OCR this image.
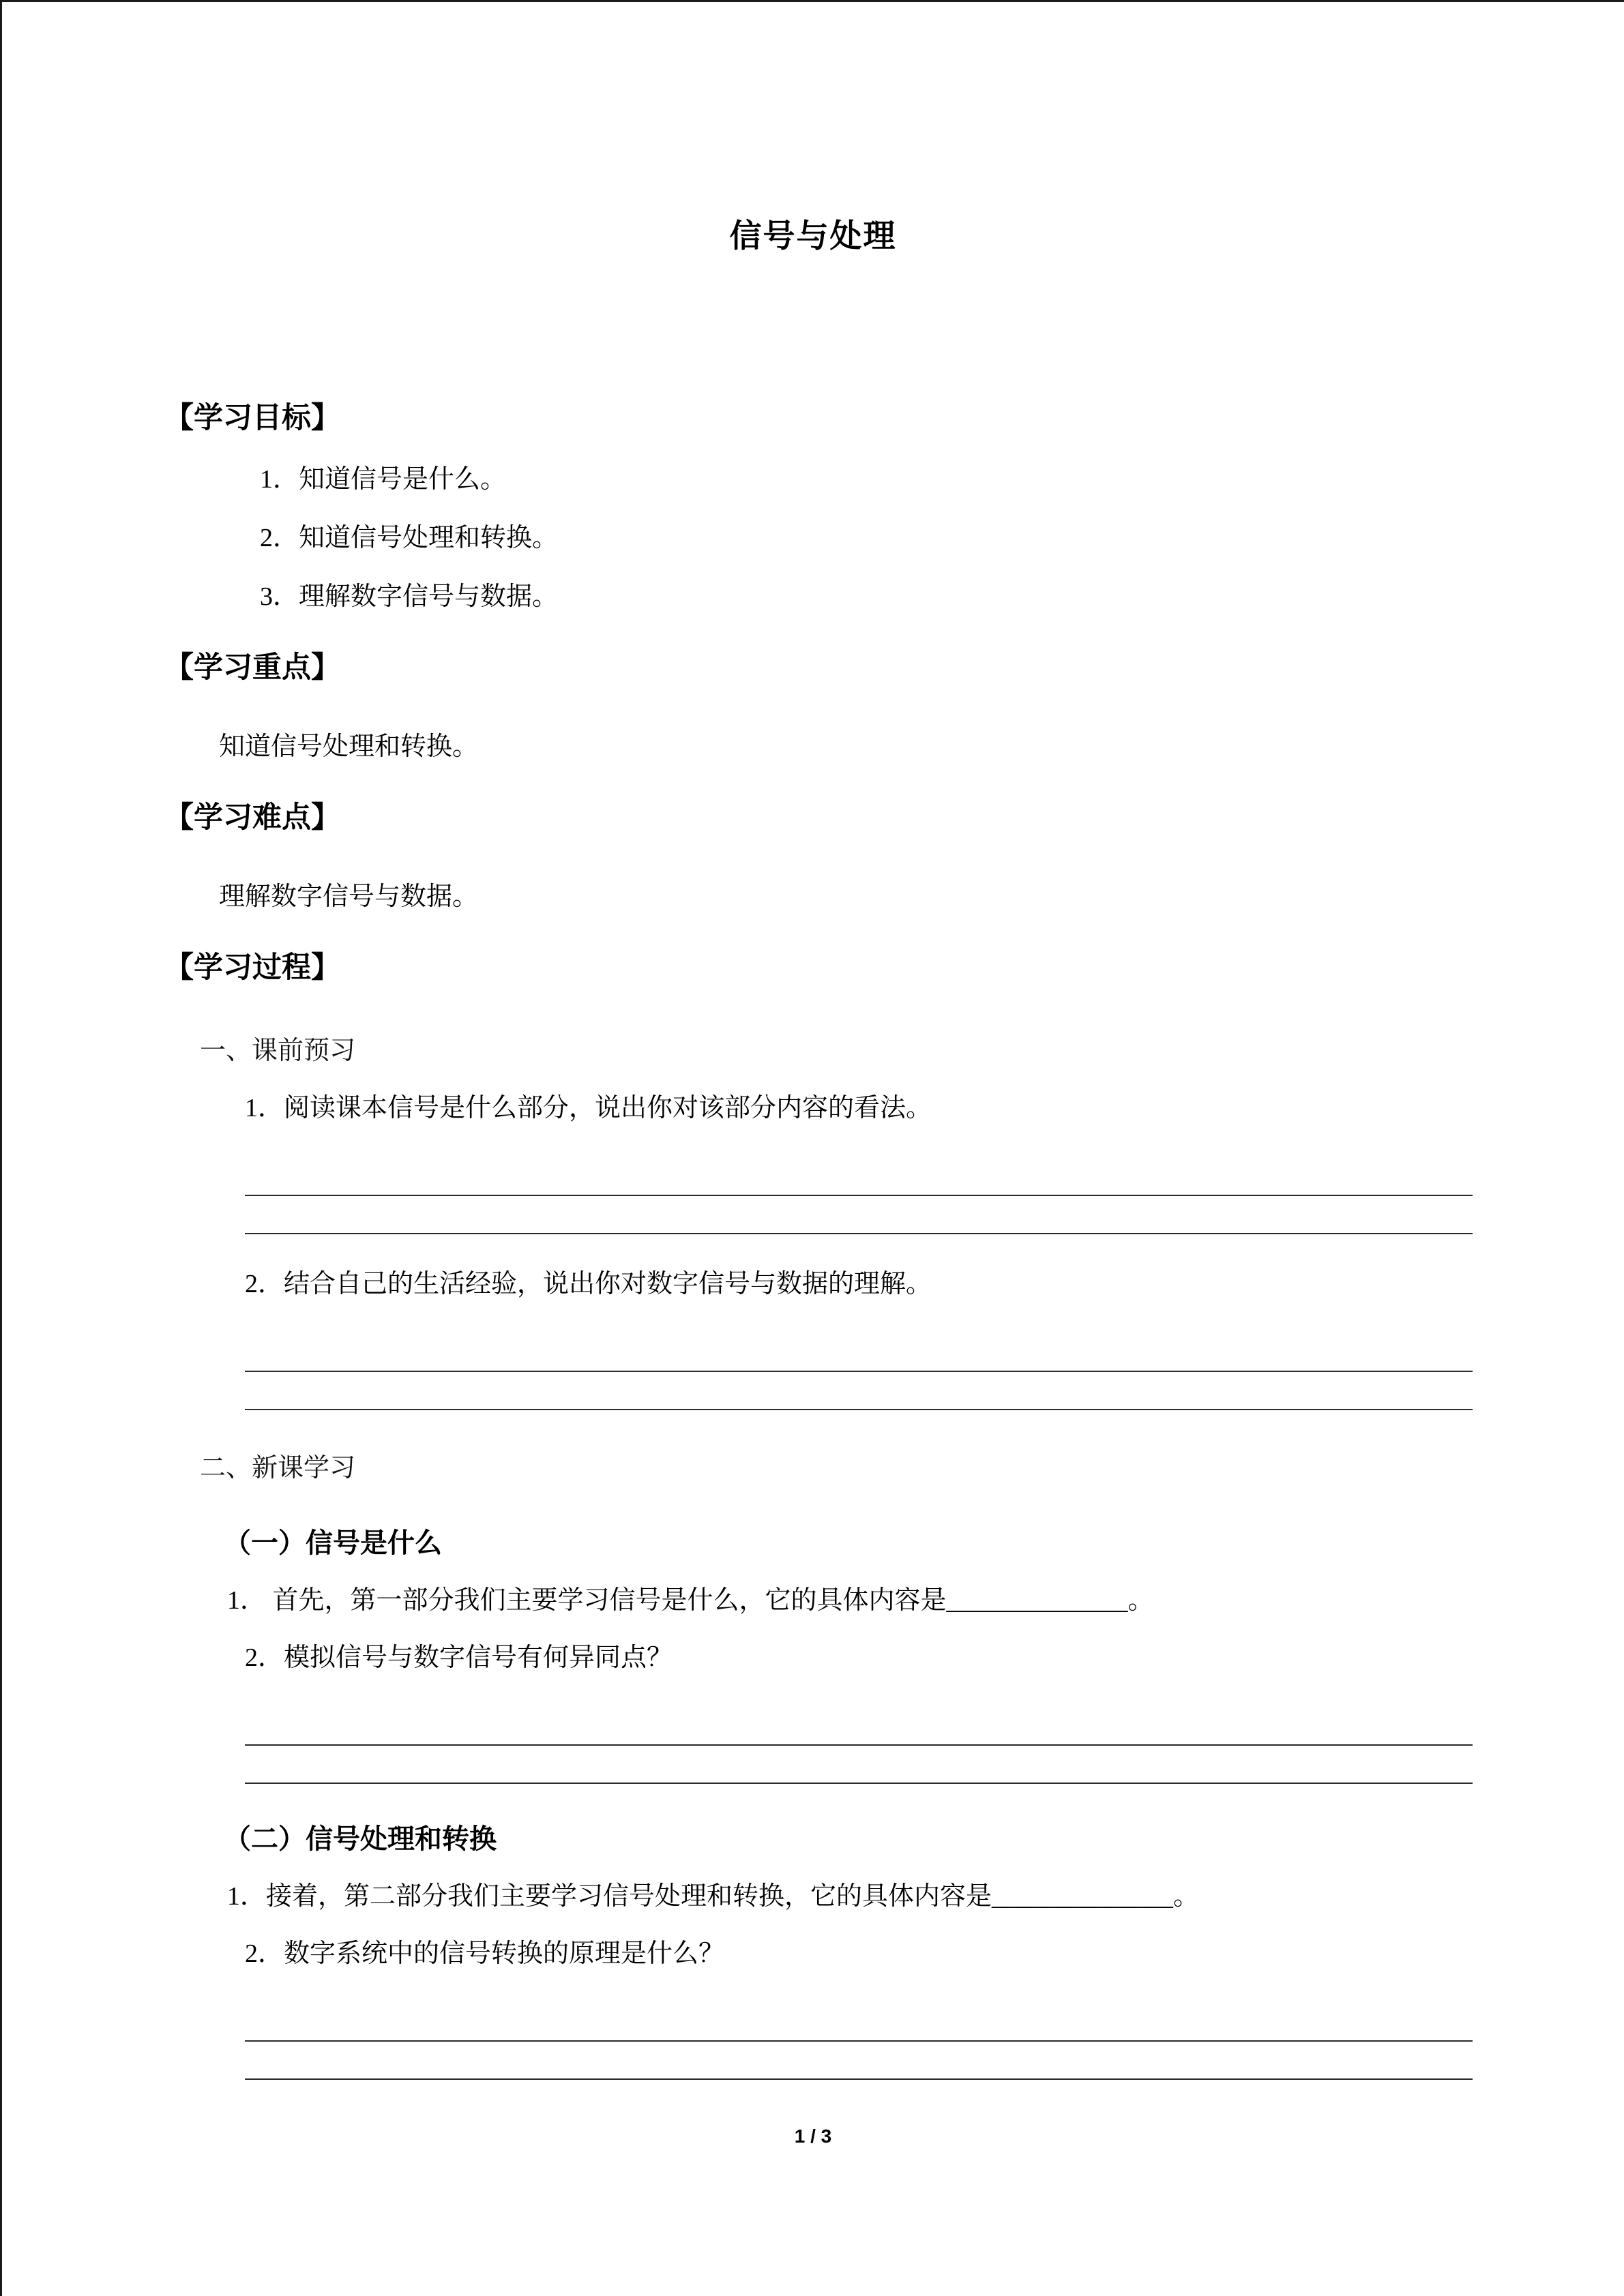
信号与处理
【学习目标】
1．知道信号是什么。
2．知道信号处理和转换。
3．理解数字信号与数据。
【学习重点】
知道信号处理和转换。
【学习难点】
理解数字信号与数据。
【学习过程】
一、课前预习
1．阅读课本信号是什么部分，说出你对该部分内容的看法。
2．结合自己的生活经验，说出你对数字信号与数据的理解。
二、新课学习
（一）信号是什么
1． 首先，第一部分我们主要学习信号是什么，它的具体内容是______________。
2．模拟信号与数字信号有何异同点？
（二）信号处理和转换
1．接着，第二部分我们主要学习信号处理和转换，它的具体内容是______________。
2．数字系统中的信号转换的原理是什么？
1 / 3
